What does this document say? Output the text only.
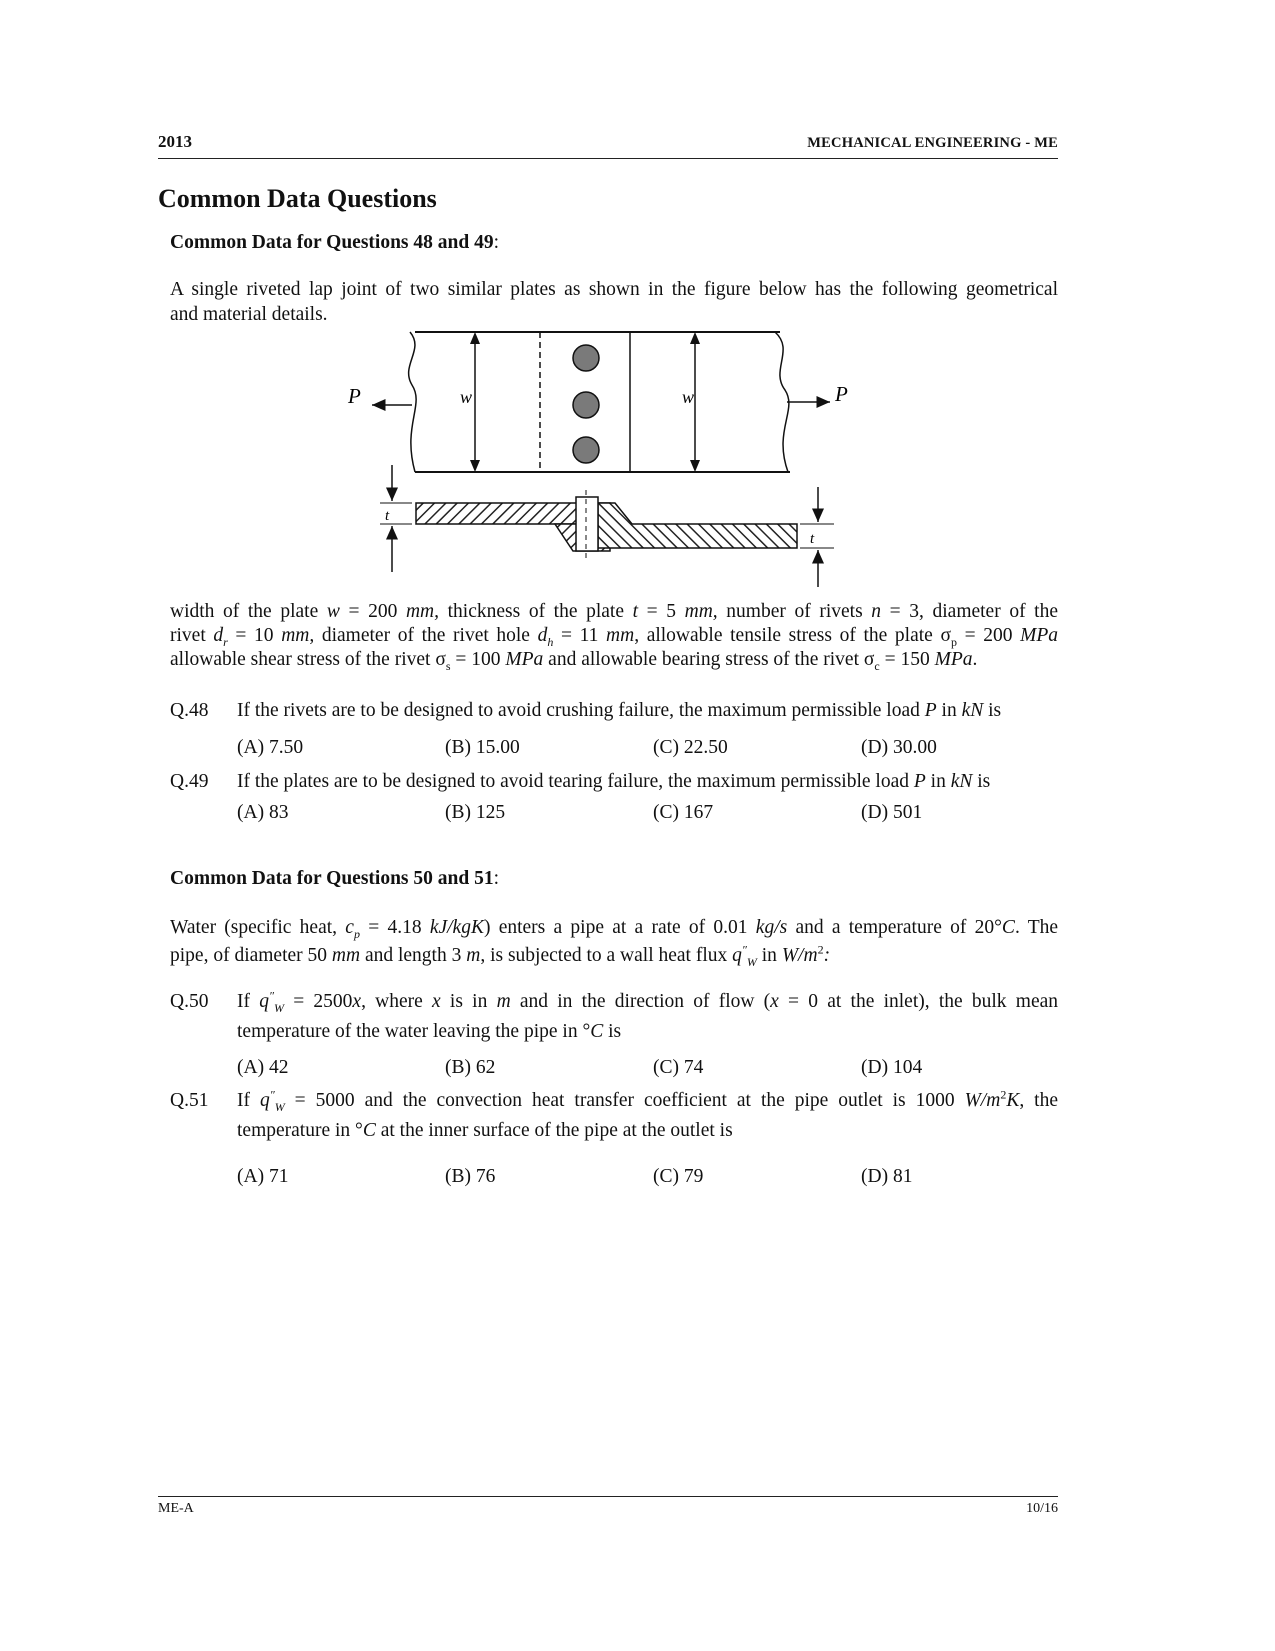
2013	MECHANICAL ENGINEERING - ME
Common Data Questions
Common Data for Questions 48 and 49:
A single riveted lap joint of two similar plates as shown in the figure below has the following geometrical
and material details.
P	P
w	w
t
t
width of the plate w = 200 mm, thickness of the plate t = 5 mm, number of rivets n = 3, diameter of the
rivet $d_r = 10$ mm, diameter of the rivet hole $d_h = 11$ mm, allowable tensile stress of the plate $\sigma_p = 200$ MPa
allowable shear stress of the rivet $\sigma_s = 100$ MPa and allowable bearing stress of the rivet $\sigma_c = 150$ MPa.
Q.48 If the rivets are to be designed to avoid crushing failure, the maximum permissible load P in kN is
(A) 7.50	(B) 15.00	(C) 22.50	(D) 30.00
Q.49 If the plates are to be designed to avoid tearing failure, the maximum permissible load P in kN is
(A) 83	(B) 125	(C) 167	(D) 501
Common Data for Questions 50 and 51:
Water (specific heat, $c_p = 4.18$ kJ/kgK) enters a pipe at a rate of 0.01 kg/s and a temperature of 20°C. The
pipe, of diameter 50 mm and length 3 m, is subjected to a wall heat flux $q''_W$ in $W/m^2$:
Q.50 If $q''_W = 2500x$, where x is in m and in the direction of flow (x = 0 at the inlet), the bulk mean
temperature of the water leaving the pipe in °C is
(A) 42	(B) 62	(C) 74	(D) 104
Q.51 If $q''_W = 5000$ and the convection heat transfer coefficient at the pipe outlet is 1000 $W/m^2K$, the
temperature in °C at the inner surface of the pipe at the outlet is
(A) 71	(B) 76	(C) 79	(D) 81
ME-A	10/16
